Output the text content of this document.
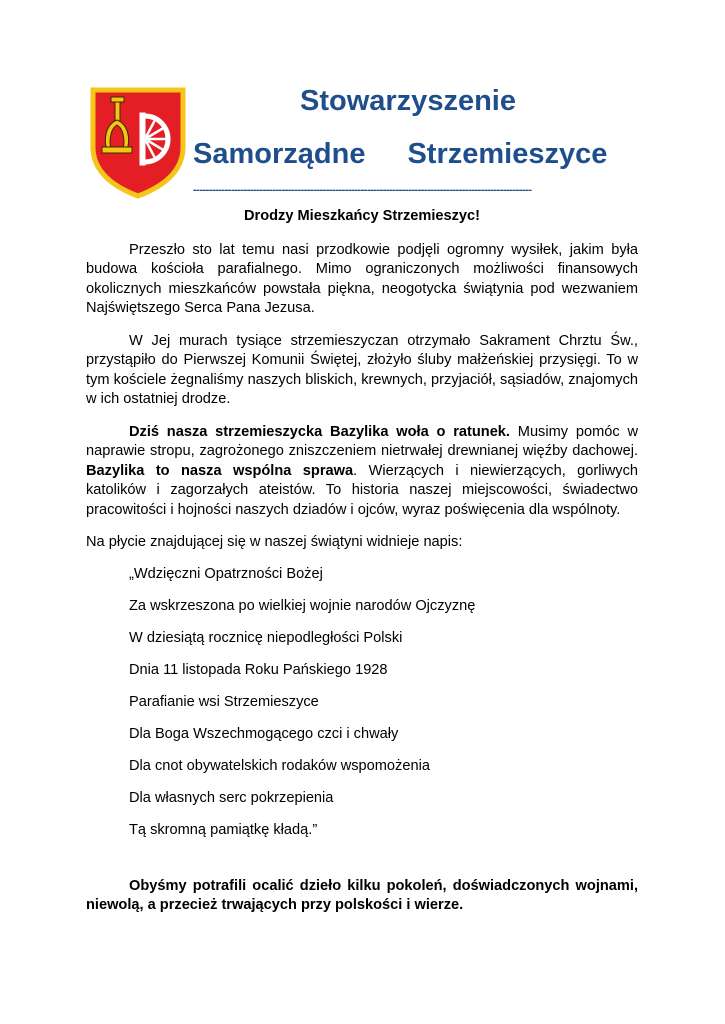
Stowarzyszenie
Samorządne Strzemieszyce
-----------------------------------------------------------------------------------------------------------

Drodzy Mieszkańcy Strzemieszyc!

Przeszło sto lat temu nasi przodkowie podjęli ogromny wysiłek, jakim była budowa kościoła parafialnego. Mimo ograniczonych możliwości finansowych okolicznych mieszkańców powstała piękna, neogotycka świątynia pod wezwaniem Najświętszego Serca Pana Jezusa.

W Jej murach tysiące strzemieszyczan otrzymało Sakrament Chrztu Św., przystąpiło do Pierwszej Komunii Świętej, złożyło śluby małżeńskiej przysięgi. To w tym kościele żegnaliśmy naszych bliskich, krewnych, przyjaciół, sąsiadów, znajomych w ich ostatniej drodze.

Dziś nasza strzemieszycka Bazylika woła o ratunek. Musimy pomóc w naprawie stropu, zagrożonego zniszczeniem nietrwałej drewnianej więźby dachowej. Bazylika to nasza wspólna sprawa. Wierzących i niewierzących, gorliwych katolików i zagorzałych ateistów. To historia naszej miejscowości, świadectwo pracowitości i hojności naszych dziadów i ojców, wyraz poświęcenia dla wspólnoty.

Na płycie znajdującej się w naszej świątyni widnieje napis:

„Wdzięczni Opatrzności Bożej

Za wskrzeszona po wielkiej wojnie narodów Ojczyznę

W dziesiątą rocznicę niepodległości Polski

Dnia 11 listopada Roku Pańskiego 1928

Parafianie wsi Strzemieszyce

Dla Boga Wszechmogącego czci i chwały

Dla cnot obywatelskich rodaków wspomożenia

Dla własnych serc pokrzepienia

Tą skromną pamiątkę kładą.”

Obyśmy potrafili ocalić dzieło kilku pokoleń, doświadczonych wojnami, niewolą, a przecież trwających przy polskości i wierze.
